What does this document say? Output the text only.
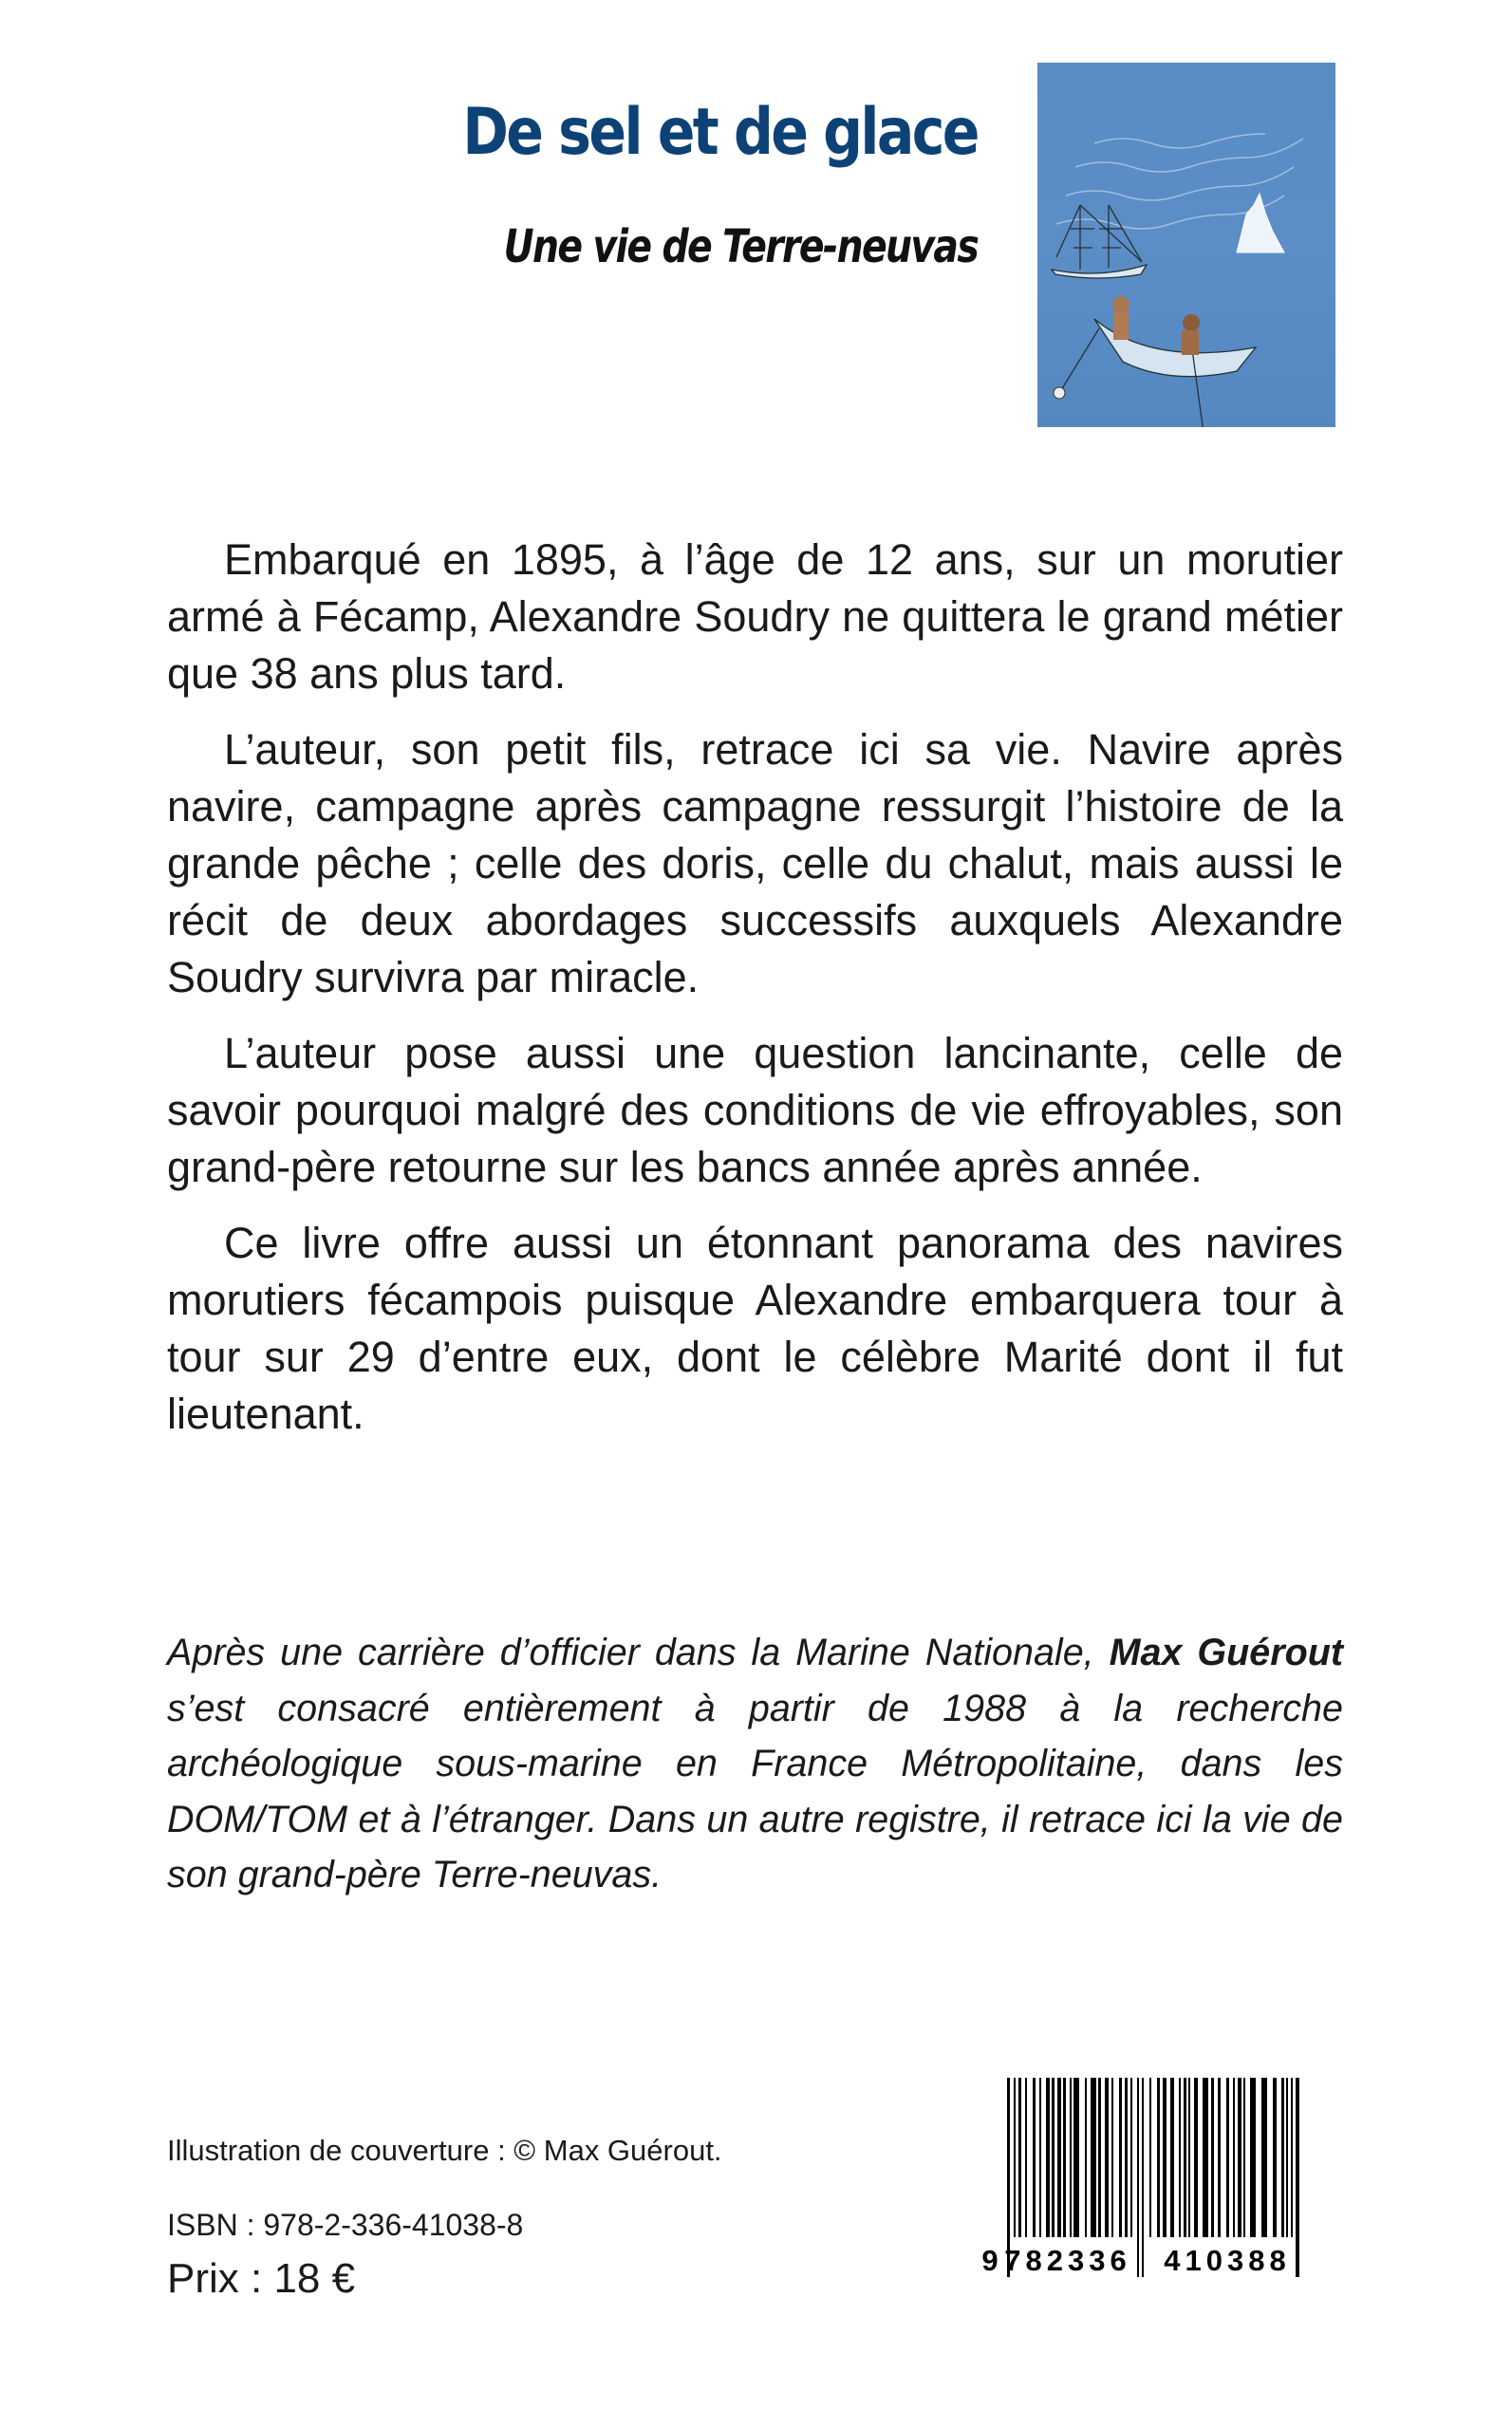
De sel et de glace
Une vie de Terre-neuvas

Embarqué en 1895, à l’âge de 12 ans, sur un morutier armé à Fécamp, Alexandre Soudry ne quittera le grand métier que 38 ans plus tard.

L’auteur, son petit fils, retrace ici sa vie. Navire après navire, campagne après campagne ressurgit l’histoire de la grande pêche ; celle des doris, celle du chalut, mais aussi le récit de deux abordages successifs auxquels Alexandre Soudry survivra par miracle.

L’auteur pose aussi une question lancinante, celle de savoir pourquoi malgré des conditions de vie effroyables, son grand-père retourne sur les bancs année après année.

Ce livre offre aussi un étonnant panorama des navires morutiers fécampois puisque Alexandre embarquera tour à tour sur 29 d’entre eux, dont le célèbre Marité dont il fut lieutenant.

Après une carrière d’officier dans la Marine Nationale, Max Guérout s’est consacré entièrement à partir de 1988 à la recherche archéologique sous-marine en France Métropolitaine, dans les DOM/TOM et à l’étranger. Dans un autre registre, il retrace ici la vie de son grand-père Terre-neuvas.

Illustration de couverture : © Max Guérout.
ISBN : 978-2-336-41038-8
Prix : 18 €	9 782336 410388
